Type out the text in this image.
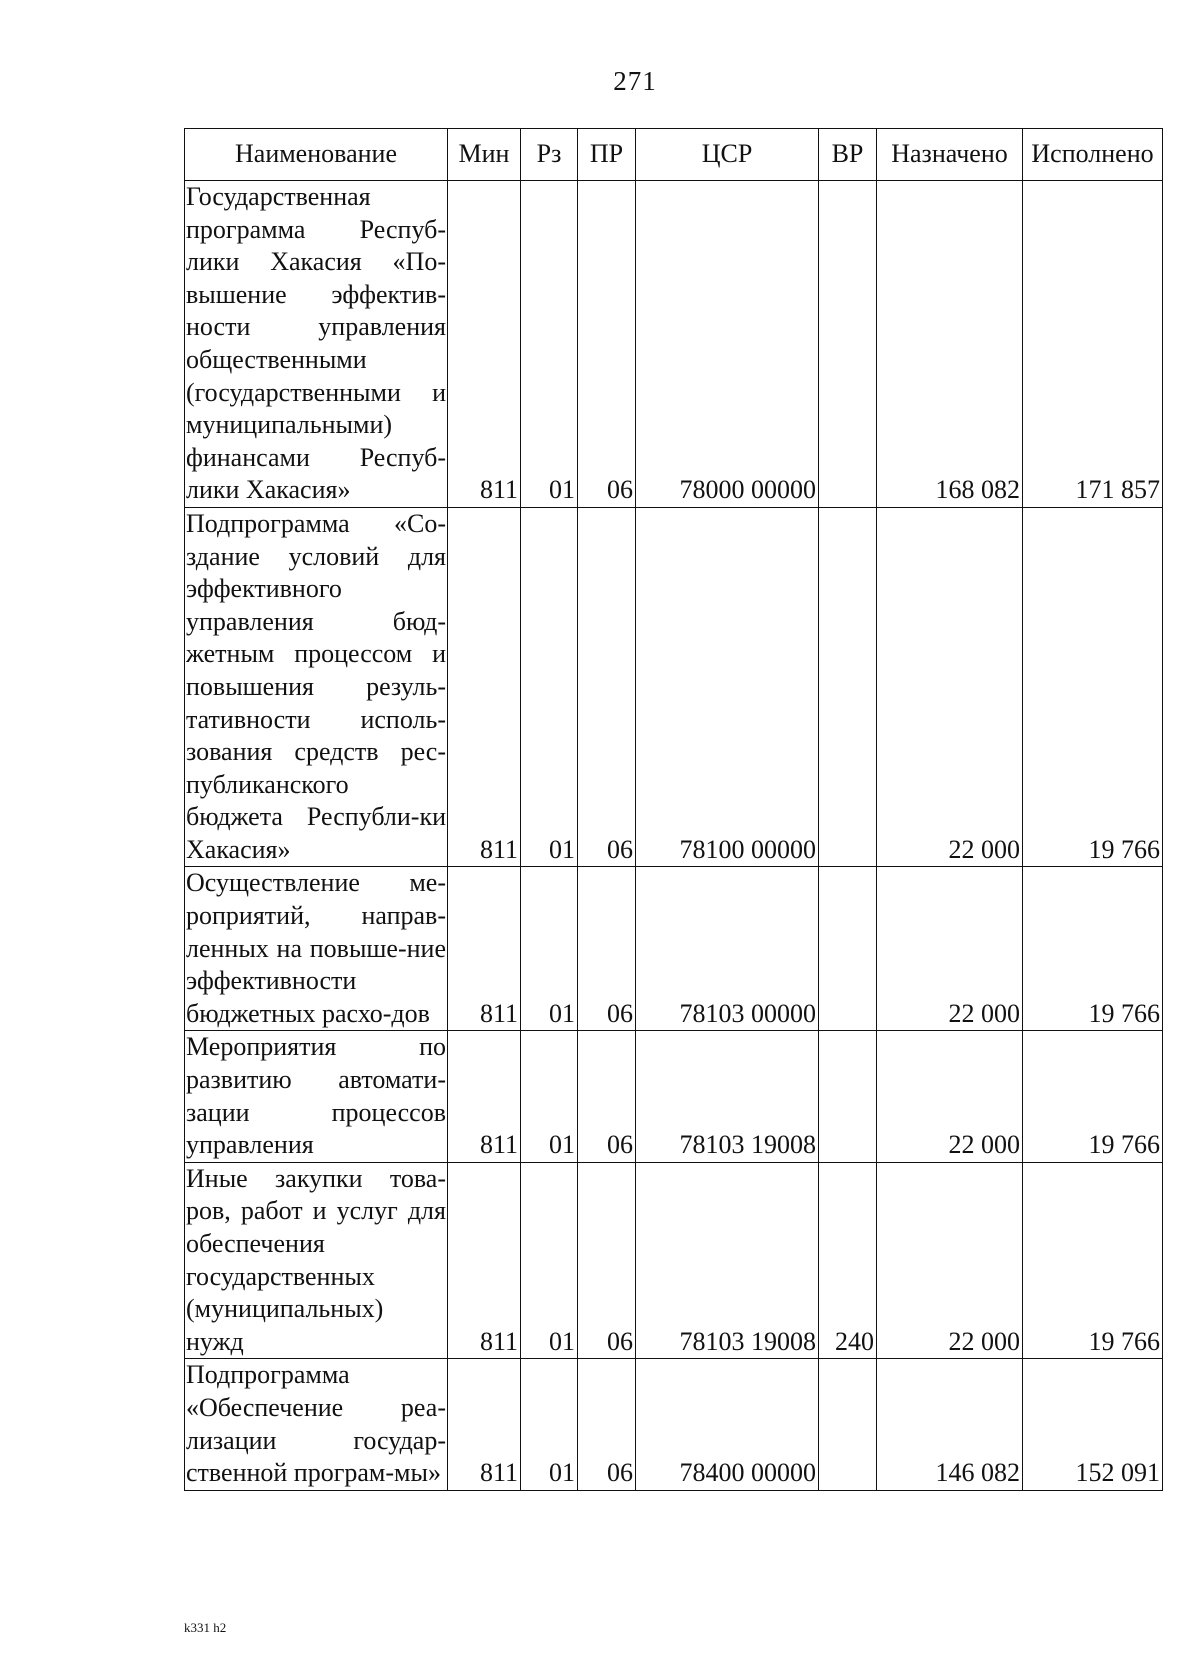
271
Наименование	Мин	Рз	ПР	ЦСР	ВР	Назначено	Исполнено
Государственная программа Респуб-лики Хакасия «По-вышение эффектив-ности управления общественными (государственными и муниципальными) финансами Респуб-лики Хакасия»	811	01	06	78000 00000		168 082	171 857
Подпрограмма «Со-здание условий для эффективного управления бюд-жетным процессом и повышения резуль-тативности исполь-зования средств рес-публиканского бюджета Республи-ки Хакасия»	811	01	06	78100 00000		22 000	19 766
Осуществление ме-роприятий, направ-ленных на повыше-ние эффективности бюджетных расхо-дов	811	01	06	78103 00000		22 000	19 766
Мероприятия по развитию автомати-зации процессов управления	811	01	06	78103 19008		22 000	19 766
Иные закупки това-ров, работ и услуг для обеспечения государственных (муниципальных) нужд	811	01	06	78103 19008	240	22 000	19 766
Подпрограмма «Обеспечение реа-лизации государ-ственной програм-мы»	811	01	06	78400 00000		146 082	152 091
k331 h2
